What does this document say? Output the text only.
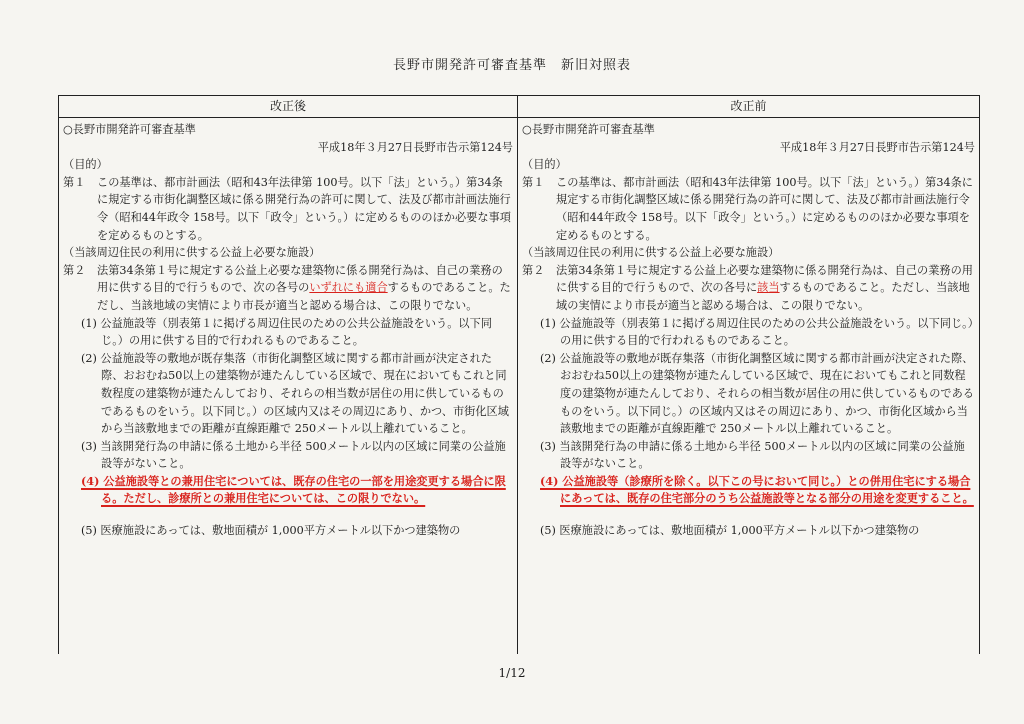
長野市開発許可審査基準　新旧対照表
改正後

○長野市開発許可審査基準

平成18年３月27日長野市告示第124号

（目的）

第１ この基準は、都市計画法（昭和43年法律第 100号。以下「法」という。）第34条に規定する市街化調整区域に係る開発行為の許可に関して、法及び都市計画法施行令（昭和44年政令 158号。以下「政令」という。）に定めるもののほか必要な事項を定めるものとする。

（当該周辺住民の利用に供する公益上必要な施設）

第２ 法第34条第１号に規定する公益上必要な建築物に係る開発行為は、自己の業務の用に供する目的で行うもので、次の各号のいずれにも適合するものであること。ただし、当該地域の実情により市長が適当と認める場合は、この限りでない。

(1) 公益施設等（別表第１に掲げる周辺住民のための公共公益施設をいう。以下同じ。）の用に供する目的で行われるものであること。

(2) 公益施設等の敷地が既存集落（市街化調整区域に関する都市計画が決定された際、おおむね50以上の建築物が連たんしている区域で、現在においてもこれと同数程度の建築物が連たんしており、それらの相当数が居住の用に供しているものであるものをいう。以下同じ。）の区域内又はその周辺にあり、かつ、市街化区域から当該敷地までの距離が直線距離で 250メートル以上離れていること。

(3) 当該開発行為の申請に係る土地から半径 500メートル以内の区域に同業の公益施設等がないこと。

(4) 公益施設等との兼用住宅については、既存の住宅の一部を用途変更する場合に限る。ただし、診療所との兼用住宅については、この限りでない。

(5) 医療施設にあっては、敷地面積が 1,000平方メートル以下かつ建築物の

改正前

○長野市開発許可審査基準

平成18年３月27日長野市告示第124号

（目的）

第１ この基準は、都市計画法（昭和43年法律第 100号。以下「法」という。）第34条に規定する市街化調整区域に係る開発行為の許可に関して、法及び都市計画法施行令（昭和44年政令 158号。以下「政令」という。）に定めるもののほか必要な事項を定めるものとする。

（当該周辺住民の利用に供する公益上必要な施設）

第２ 法第34条第１号に規定する公益上必要な建築物に係る開発行為は、自己の業務の用に供する目的で行うもので、次の各号に該当するものであること。ただし、当該地域の実情により市長が適当と認める場合は、この限りでない。

(1) 公益施設等（別表第１に掲げる周辺住民のための公共公益施設をいう。以下同じ。）の用に供する目的で行われるものであること。

(2) 公益施設等の敷地が既存集落（市街化調整区域に関する都市計画が決定された際、おおむね50以上の建築物が連たんしている区域で、現在においてもこれと同数程度の建築物が連たんしており、それらの相当数が居住の用に供しているものであるものをいう。以下同じ。）の区域内又はその周辺にあり、かつ、市街化区域から当該敷地までの距離が直線距離で 250メートル以上離れていること。

(3) 当該開発行為の申請に係る土地から半径 500メートル以内の区域に同業の公益施設等がないこと。

(4) 公益施設等（診療所を除く。以下この号において同じ。）との併用住宅にする場合にあっては、既存の住宅部分のうち公益施設等となる部分の用途を変更すること。

(5) 医療施設にあっては、敷地面積が 1,000平方メートル以下かつ建築物の

1/12
